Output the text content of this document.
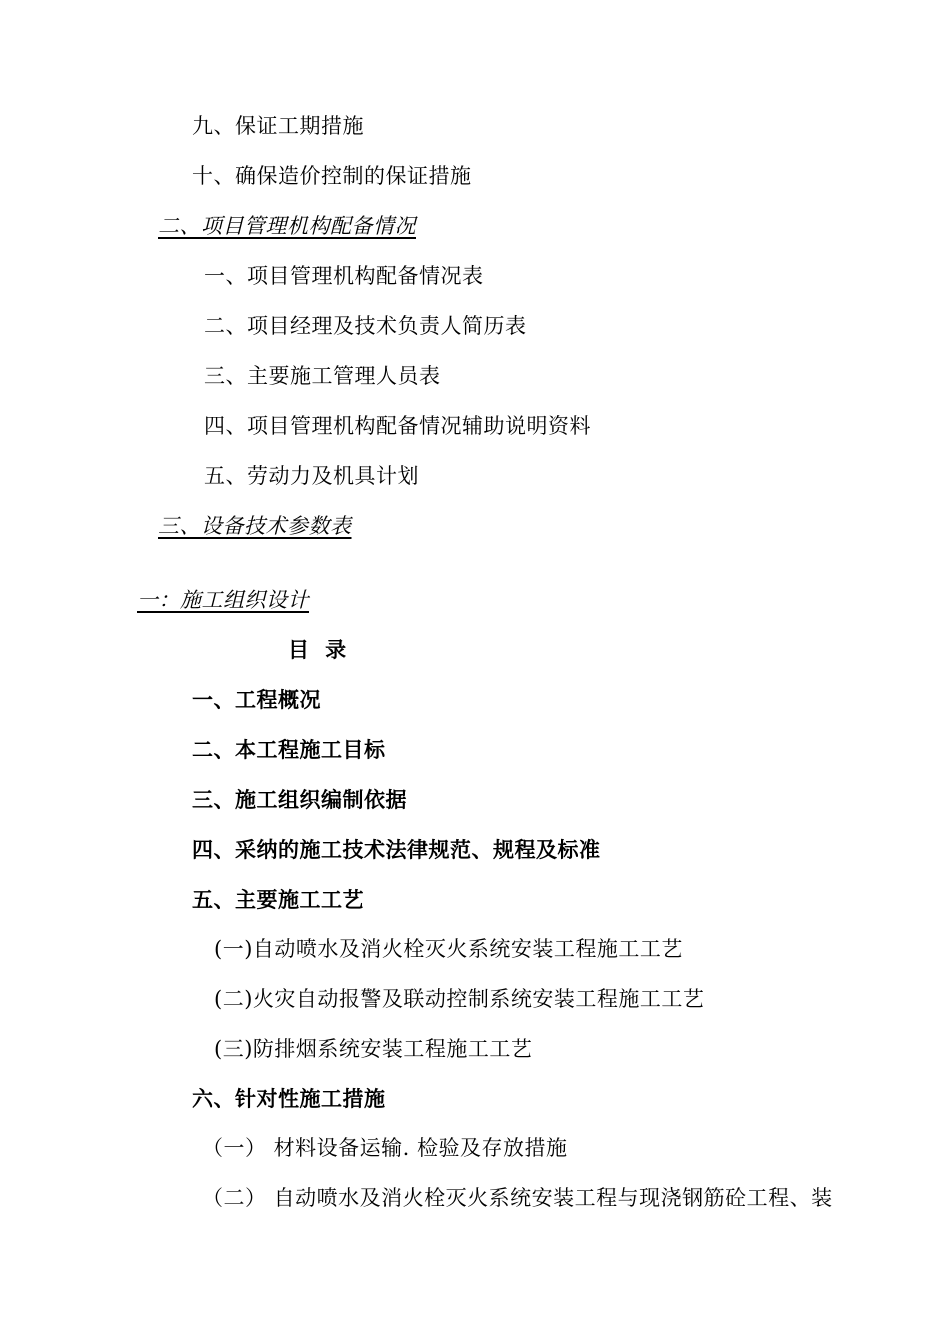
九、保证工期措施
十、确保造价控制的保证措施
二、项目管理机构配备情况
一、项目管理机构配备情况表
二、项目经理及技术负责人简历表
三、主要施工管理人员表
四、项目管理机构配备情况辅助说明资料
五、劳动力及机具计划
三、设备技术参数表
一：施工组织设计
目  录
一、工程概况
二、本工程施工目标
三、施工组织编制依据
四、采纳的施工技术法律规范、规程及标准
五、主要施工工艺
(一)自动喷水及消火栓灭火系统安装工程施工工艺
(二)火灾自动报警及联动控制系统安装工程施工工艺
(三)防排烟系统安装工程施工工艺
六、针对性施工措施
（一） 材料设备运输. 检验及存放措施
（二） 自动喷水及消火栓灭火系统安装工程与现浇钢筋砼工程、装
